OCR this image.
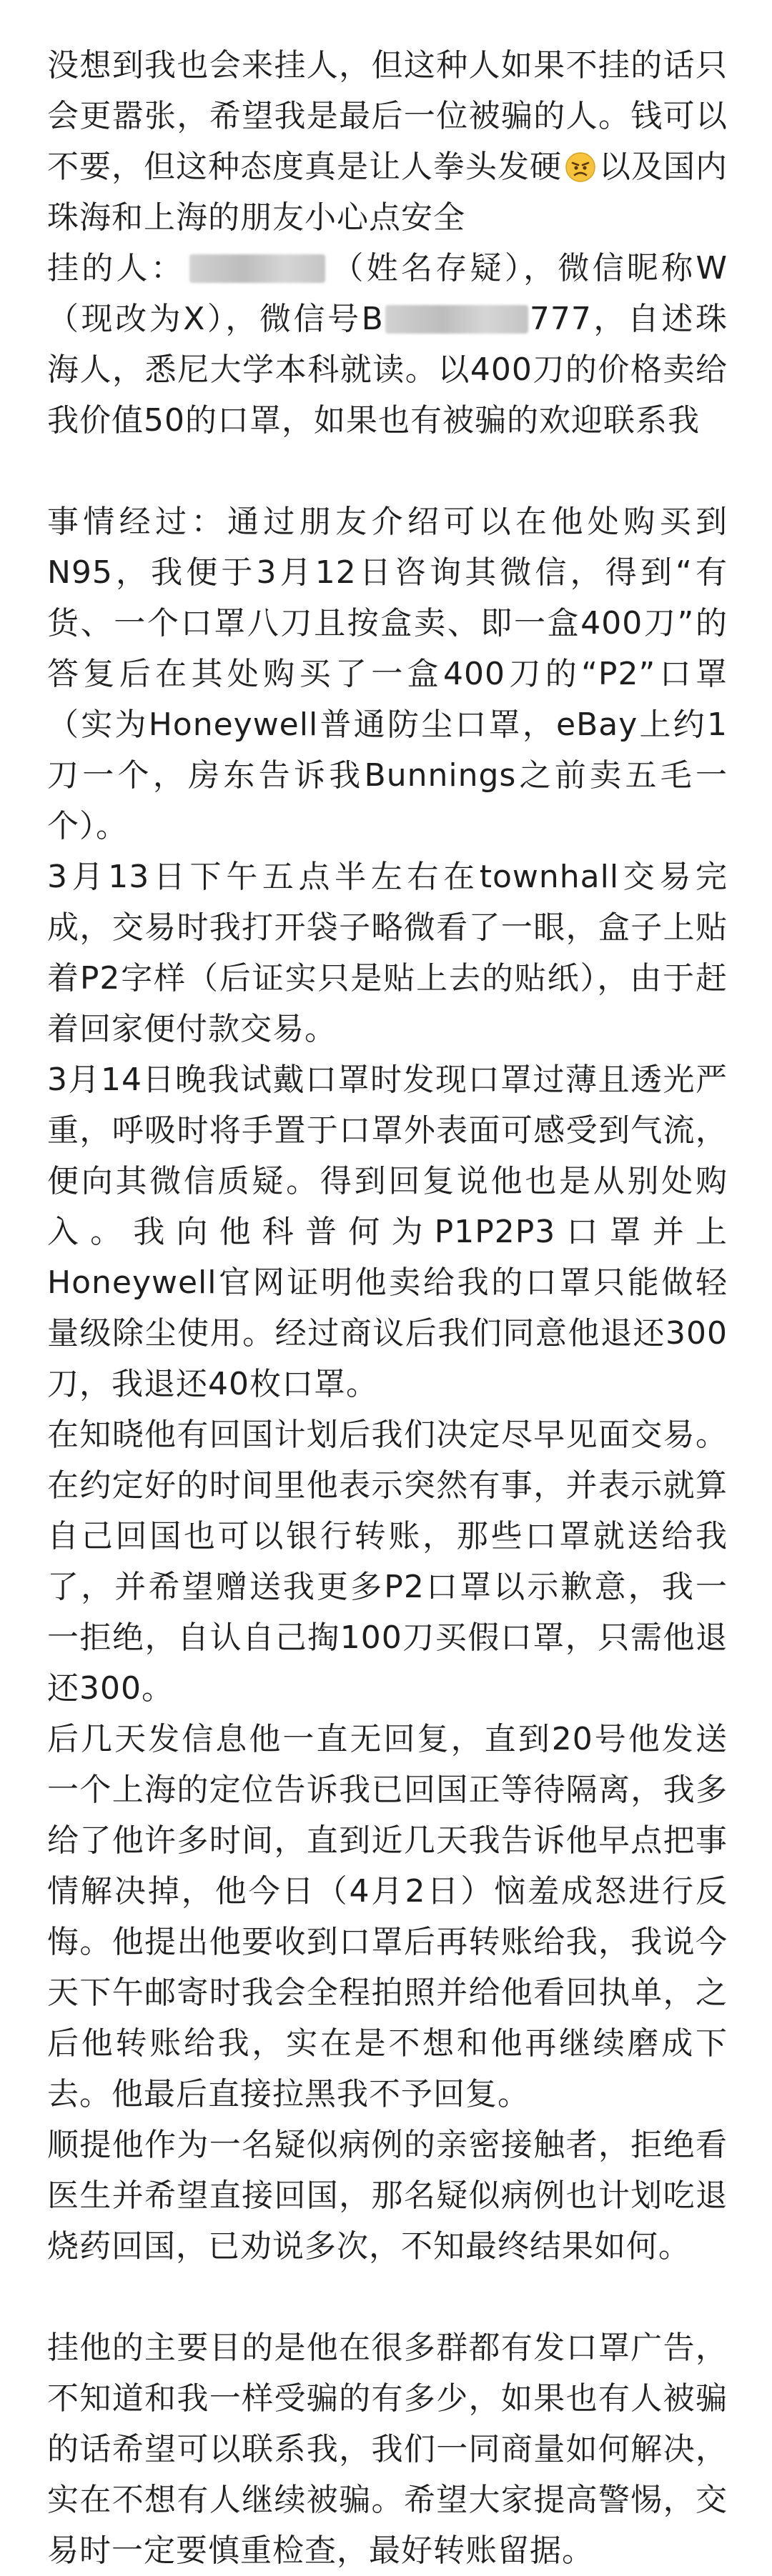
没想到我也会来挂人，但这种人如果不挂的话只会更嚣张，希望我是最后一位被骗的人。钱可以不要，但这种态度真是让人拳头发硬 以及国内珠海和上海的朋友小心点安全

挂的人：	（姓名存疑），微信昵称W（现改为X），微信号B	777，自述珠海人，悉尼大学本科就读。以400刀的价格卖给我价值50的口罩，如果也有被骗的欢迎联系我

事情经过：通过朋友介绍可以在他处购买到N95，我便于3月12日咨询其微信，得到“有货、一个口罩八刀且按盒卖、即一盒400刀”的答复后在其处购买了一盒400刀的“P2”口罩（实为Honeywell普通防尘口罩，eBay上约1刀一个，房东告诉我Bunnings之前卖五毛一个）。

3月13日下午五点半左右在townhall交易完成，交易时我打开袋子略微看了一眼，盒子上贴着P2字样（后证实只是贴上去的贴纸），由于赶着回家便付款交易。

3月14日晚我试戴口罩时发现口罩过薄且透光严重，呼吸时将手置于口罩外表面可感受到气流，便向其微信质疑。得到回复说他也是从别处购入。我向他科普何为P1P2P3口罩并上Honeywell官网证明他卖给我的口罩只能做轻量级除尘使用。经过商议后我们同意他退还300刀，我退还40枚口罩。

在知晓他有回国计划后我们决定尽早见面交易。在约定好的时间里他表示突然有事，并表示就算自己回国也可以银行转账，那些口罩就送给我了，并希望赠送我更多P2口罩以示歉意，我一一拒绝，自认自己掏100刀买假口罩，只需他退还300。

后几天发信息他一直无回复，直到20号他发送一个上海的定位告诉我已回国正等待隔离，我多给了他许多时间，直到近几天我告诉他早点把事情解决掉，他今日（4月2日）恼羞成怒进行反悔。他提出他要收到口罩后再转账给我，我说今天下午邮寄时我会全程拍照并给他看回执单，之后他转账给我，实在是不想和他再继续磨成下去。他最后直接拉黑我不予回复。

顺提他作为一名疑似病例的亲密接触者，拒绝看医生并希望直接回国，那名疑似病例也计划吃退烧药回国，已劝说多次，不知最终结果如何。

挂他的主要目的是他在很多群都有发口罩广告，不知道和我一样受骗的有多少，如果也有人被骗的话希望可以联系我，我们一同商量如何解决，实在不想有人继续被骗。希望大家提高警惕，交易时一定要慎重检查，最好转账留据。
